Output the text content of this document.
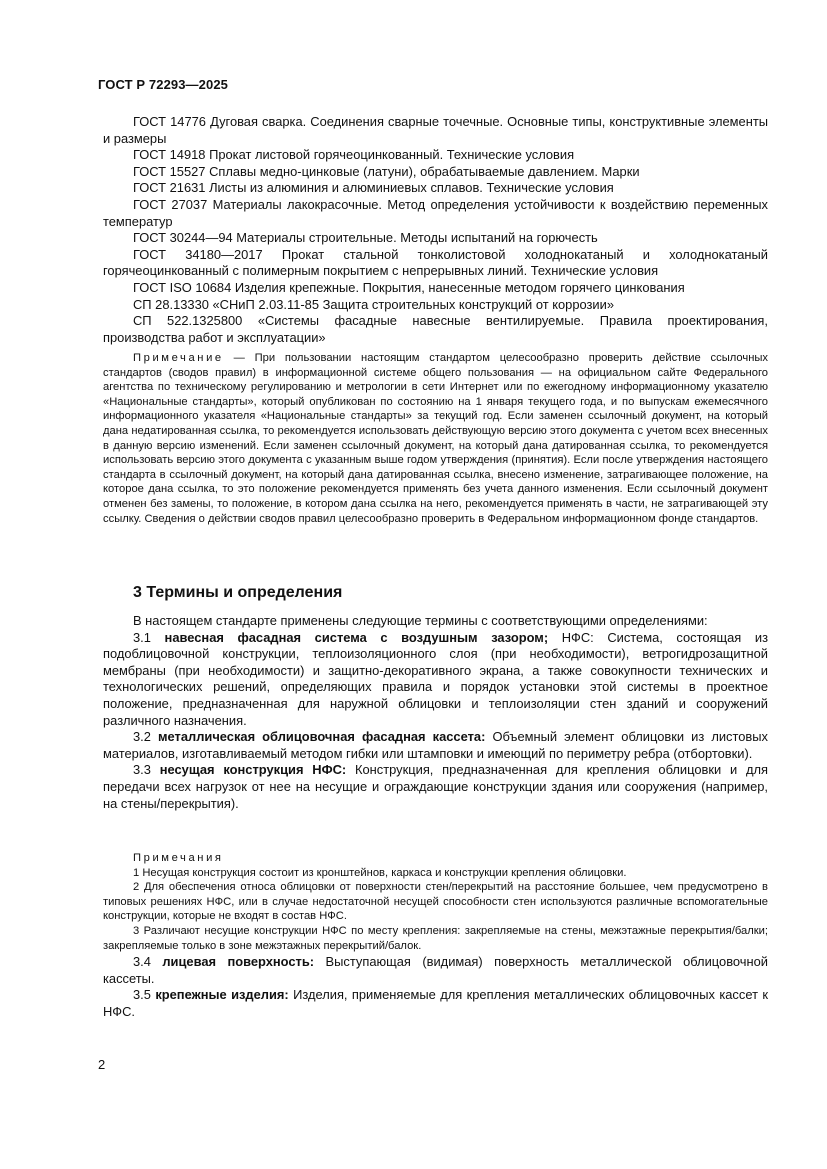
ГОСТ Р 72293—2025

ГОСТ 14776 Дуговая сварка. Соединения сварные точечные. Основные типы, конструктивные элементы и размеры

ГОСТ 14918 Прокат листовой горячеоцинкованный. Технические условия

ГОСТ 15527 Сплавы медно-цинковые (латуни), обрабатываемые давлением. Марки

ГОСТ 21631 Листы из алюминия и алюминиевых сплавов. Технические условия

ГОСТ 27037 Материалы лакокрасочные. Метод определения устойчивости к воздействию переменных температур

ГОСТ 30244—94 Материалы строительные. Методы испытаний на горючесть

ГОСТ 34180—2017 Прокат стальной тонколистовой холоднокатаный и холоднокатаный горячеоцинкованный с полимерным покрытием с непрерывных линий. Технические условия

ГОСТ ISO 10684 Изделия крепежные. Покрытия, нанесенные методом горячего цинкования

СП 28.13330 «СНиП 2.03.11-85 Защита строительных конструкций от коррозии»

СП 522.1325800 «Системы фасадные навесные вентилируемые. Правила проектирования, производства работ и эксплуатации»

Примечание — При пользовании настоящим стандартом целесообразно проверить действие ссылочных стандартов (сводов правил) в информационной системе общего пользования — на официальном сайте Федерального агентства по техническому регулированию и метрологии в сети Интернет или по ежегодному информационному указателю «Национальные стандарты», который опубликован по состоянию на 1 января текущего года, и по выпускам ежемесячного информационного указателя «Национальные стандарты» за текущий год. Если заменен ссылочный документ, на который дана недатированная ссылка, то рекомендуется использовать действующую версию этого документа с учетом всех внесенных в данную версию изменений. Если заменен ссылочный документ, на который дана датированная ссылка, то рекомендуется использовать версию этого документа с указанным выше годом утверждения (принятия). Если после утверждения настоящего стандарта в ссылочный документ, на который дана датированная ссылка, внесено изменение, затрагивающее положение, на которое дана ссылка, то это положение рекомендуется применять без учета данного изменения. Если ссылочный документ отменен без замены, то положение, в котором дана ссылка на него, рекомендуется применять в части, не затрагивающей эту ссылку. Сведения о действии сводов правил целесообразно проверить в Федеральном информационном фонде стандартов.

3 Термины и определения

В настоящем стандарте применены следующие термины с соответствующими определениями:

3.1 навесная фасадная система с воздушным зазором; НФС: Система, состоящая из подоблицовочной конструкции, теплоизоляционного слоя (при необходимости), ветрогидрозащитной мембраны (при необходимости) и защитно-декоративного экрана, а также совокупности технических и технологических решений, определяющих правила и порядок установки этой системы в проектное положение, предназначенная для наружной облицовки и теплоизоляции стен зданий и сооружений различного назначения.

3.2 металлическая облицовочная фасадная кассета: Объемный элемент облицовки из листовых материалов, изготавливаемый методом гибки или штамповки и имеющий по периметру ребра (отбортовки).

3.3 несущая конструкция НФС: Конструкция, предназначенная для крепления облицовки и для передачи всех нагрузок от нее на несущие и ограждающие конструкции здания или сооружения (например, на стены/перекрытия).

Примечания

1 Несущая конструкция состоит из кронштейнов, каркаса и конструкции крепления облицовки.

2 Для обеспечения относа облицовки от поверхности стен/перекрытий на расстояние большее, чем предусмотрено в типовых решениях НФС, или в случае недостаточной несущей способности стен используются различные вспомогательные конструкции, которые не входят в состав НФС.

3 Различают несущие конструкции НФС по месту крепления: закрепляемые на стены, межэтажные перекрытия/балки; закрепляемые только в зоне межэтажных перекрытий/балок.

3.4 лицевая поверхность: Выступающая (видимая) поверхность металлической облицовочной кассеты.

3.5 крепежные изделия: Изделия, применяемые для крепления металлических облицовочных кассет к НФС.

2
